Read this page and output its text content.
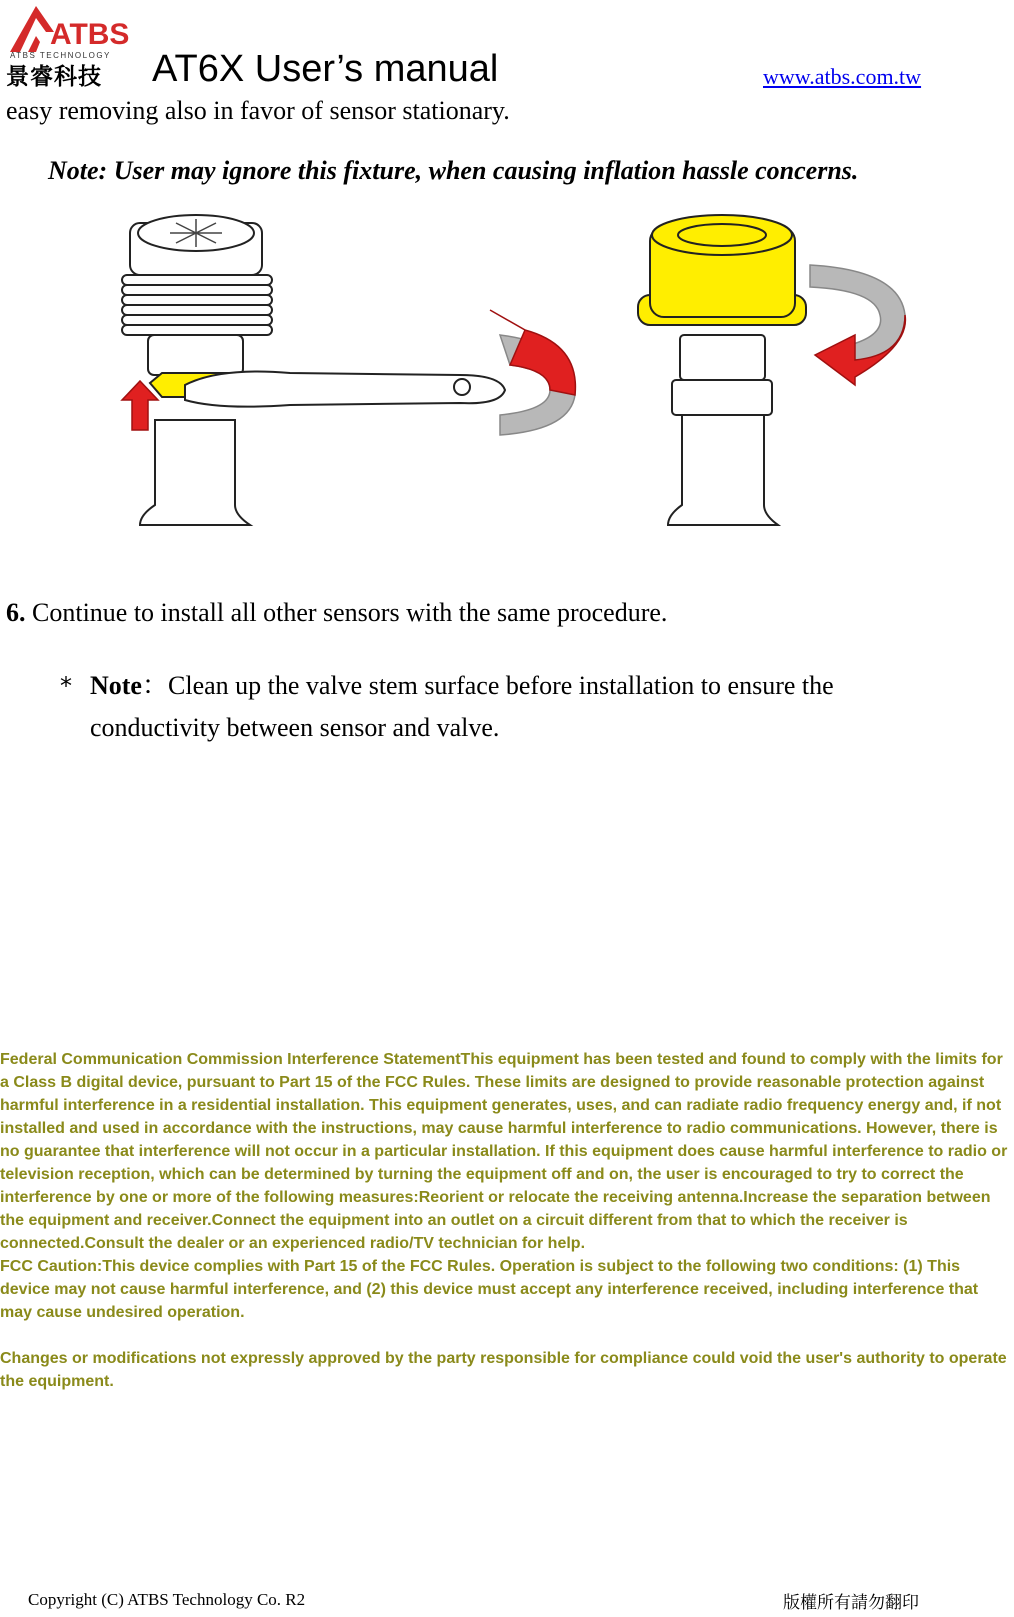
ATBS
ATBS TECHNOLOGY
景睿科技 AT6X User’s manual	www.atbs.com.tw
easy removing also in favor of sensor stationary.
Note: User may ignore this fixture, when causing inflation hassle concerns.
6. Continue to install all other sensors with the same procedure.
* Note：Clean up the valve stem surface before installation to ensure the conductivity between sensor and valve.

Federal Communication Commission Interference StatementThis equipment has been tested and found to comply with the limits for a Class B digital device, pursuant to Part 15 of the FCC Rules. These limits are designed to provide reasonable protection against harmful interference in a residential installation. This equipment generates, uses, and can radiate radio frequency energy and, if not installed and used in accordance with the instructions, may cause harmful interference to radio communications. However, there is no guarantee that interference will not occur in a particular installation. If this equipment does cause harmful interference to radio or television reception, which can be determined by turning the equipment off and on, the user is encouraged to try to correct the interference by one or more of the following measures:Reorient or relocate the receiving antenna.Increase the separation between the equipment and receiver.Connect the equipment into an outlet on a circuit different from that to which the receiver is connected.Consult the dealer or an experienced radio/TV technician for help.

FCC Caution:This device complies with Part 15 of the FCC Rules. Operation is subject to the following two conditions: (1) This device may not cause harmful interference, and (2) this device must accept any interference received, including interference that may cause undesired operation.

Changes or modifications not expressly approved by the party responsible for compliance could void the user's authority to operate the equipment.

Copyright (C) ATBS Technology Co. R2	版權所有請勿翻印
